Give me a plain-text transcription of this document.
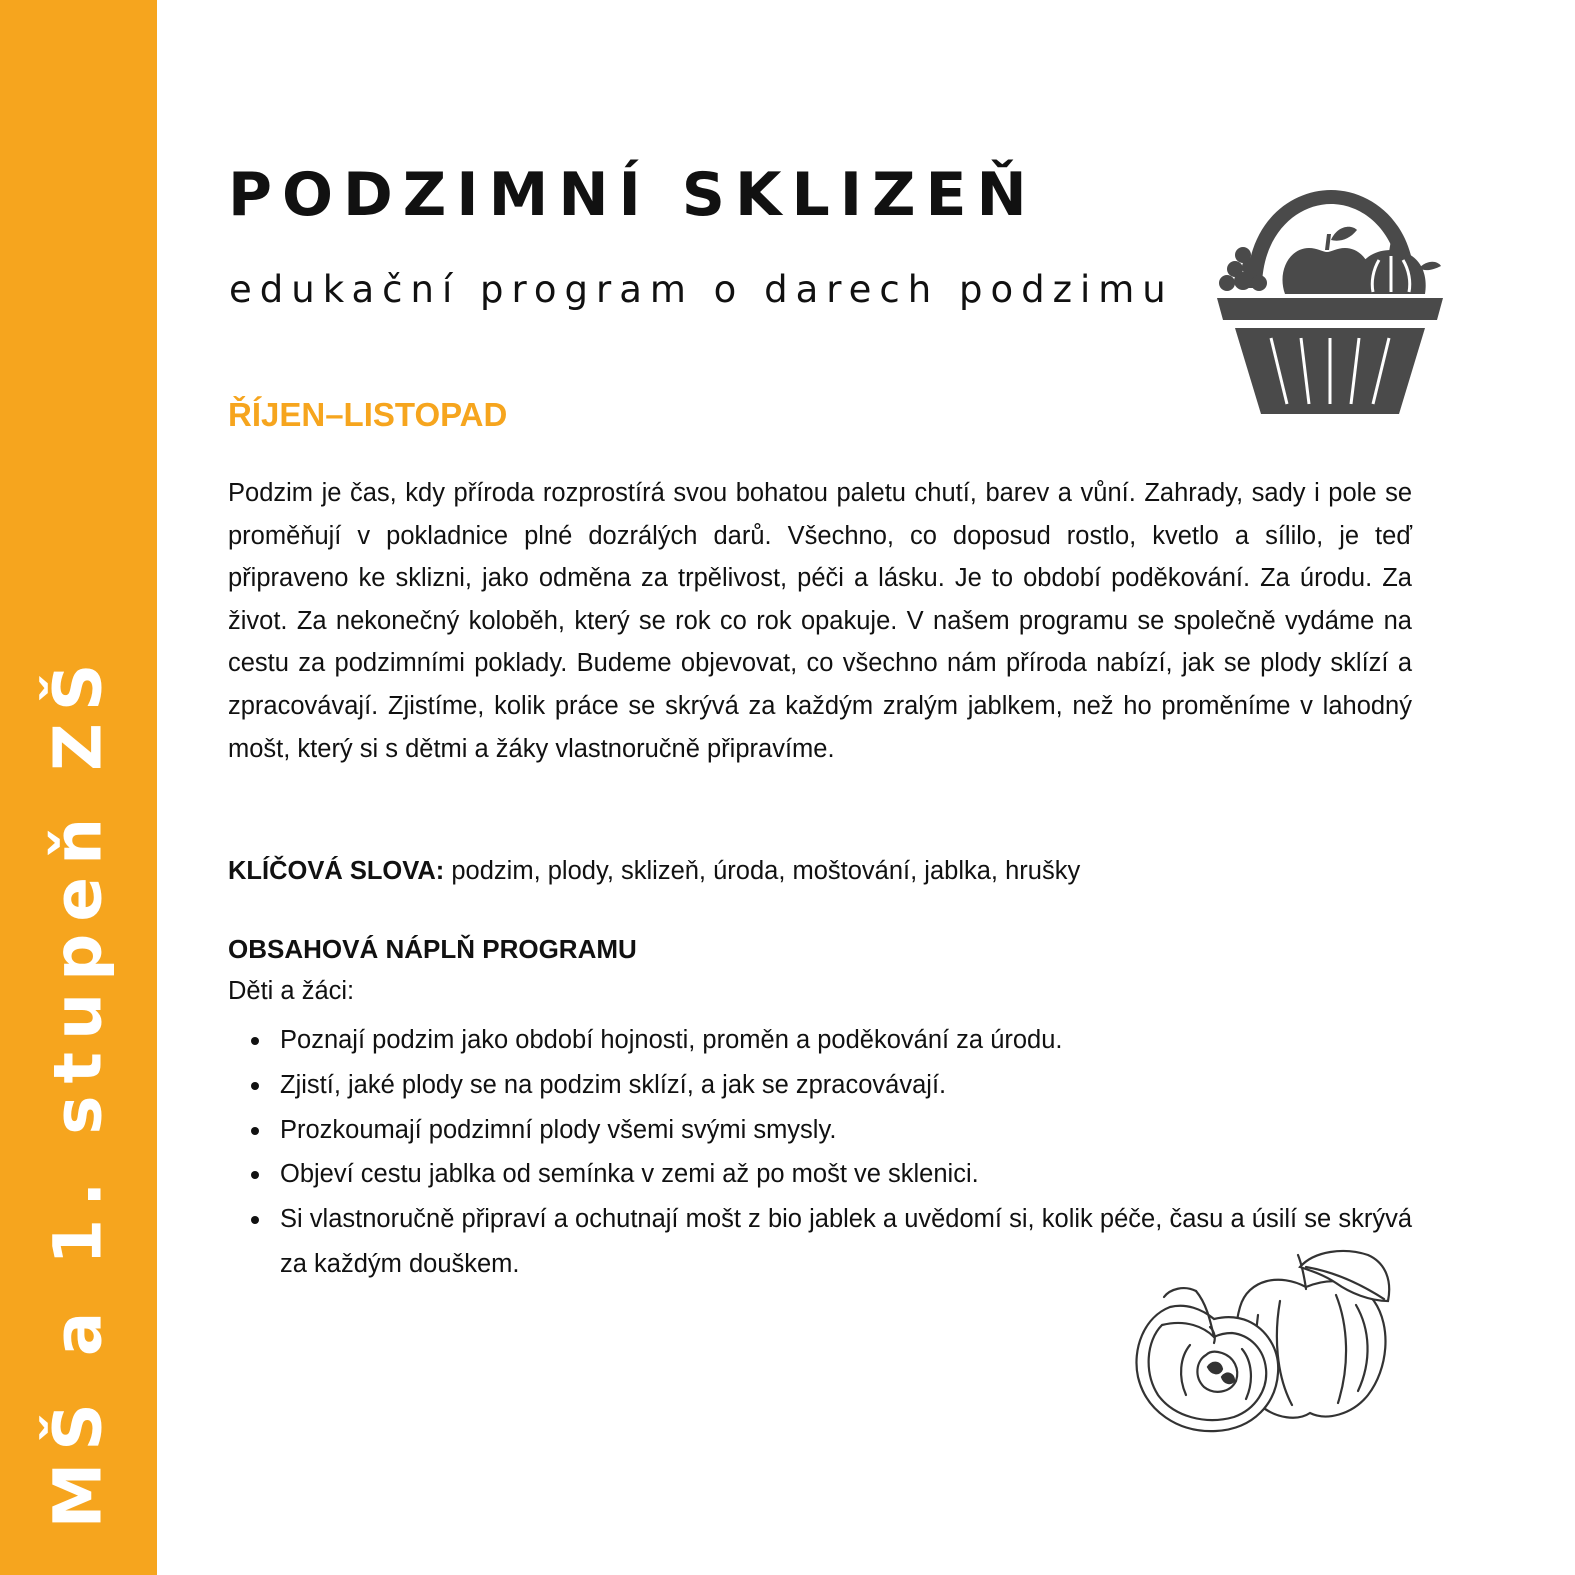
MŠ a 1. stupeň ZŠ
PODZIMNÍ SKLIZEŇ
edukační program o darech podzimu
ŘÍJEN–LISTOPAD

Podzim je čas, kdy příroda rozprostírá svou bohatou paletu chutí, barev a vůní. Zahrady, sady i pole se proměňují v pokladnice plné dozrálých darů. Všechno, co doposud rostlo, kvetlo a sílilo, je teď připraveno ke sklizni, jako odměna za trpělivost, péči a lásku. Je to období poděkování. Za úrodu. Za život. Za nekonečný koloběh, který se rok co rok opakuje. V našem programu se společně vydáme na cestu za podzimními poklady. Budeme objevovat, co všechno nám příroda nabízí, jak se plody sklízí a zpracovávají. Zjistíme, kolik práce se skrývá za každým zralým jablkem, než ho proměníme v lahodný mošt, který si s dětmi a žáky vlastnoručně připravíme.

KLÍČOVÁ SLOVA: podzim, plody, sklizeň, úroda, moštování, jablka, hrušky
OBSAHOVÁ NÁPLŇ PROGRAMU
Děti a žáci:
Poznají podzim jako období hojnosti, proměn a poděkování za úrodu.
Zjistí, jaké plody se na podzim sklízí, a jak se zpracovávají.
Prozkoumají podzimní plody všemi svými smysly.
Objeví cestu jablka od semínka v zemi až po mošt ve sklenici.
Si vlastnoručně připraví a ochutnají mošt z bio jablek a uvědomí si, kolik péče, času a úsilí se skrývá za každým douškem.
